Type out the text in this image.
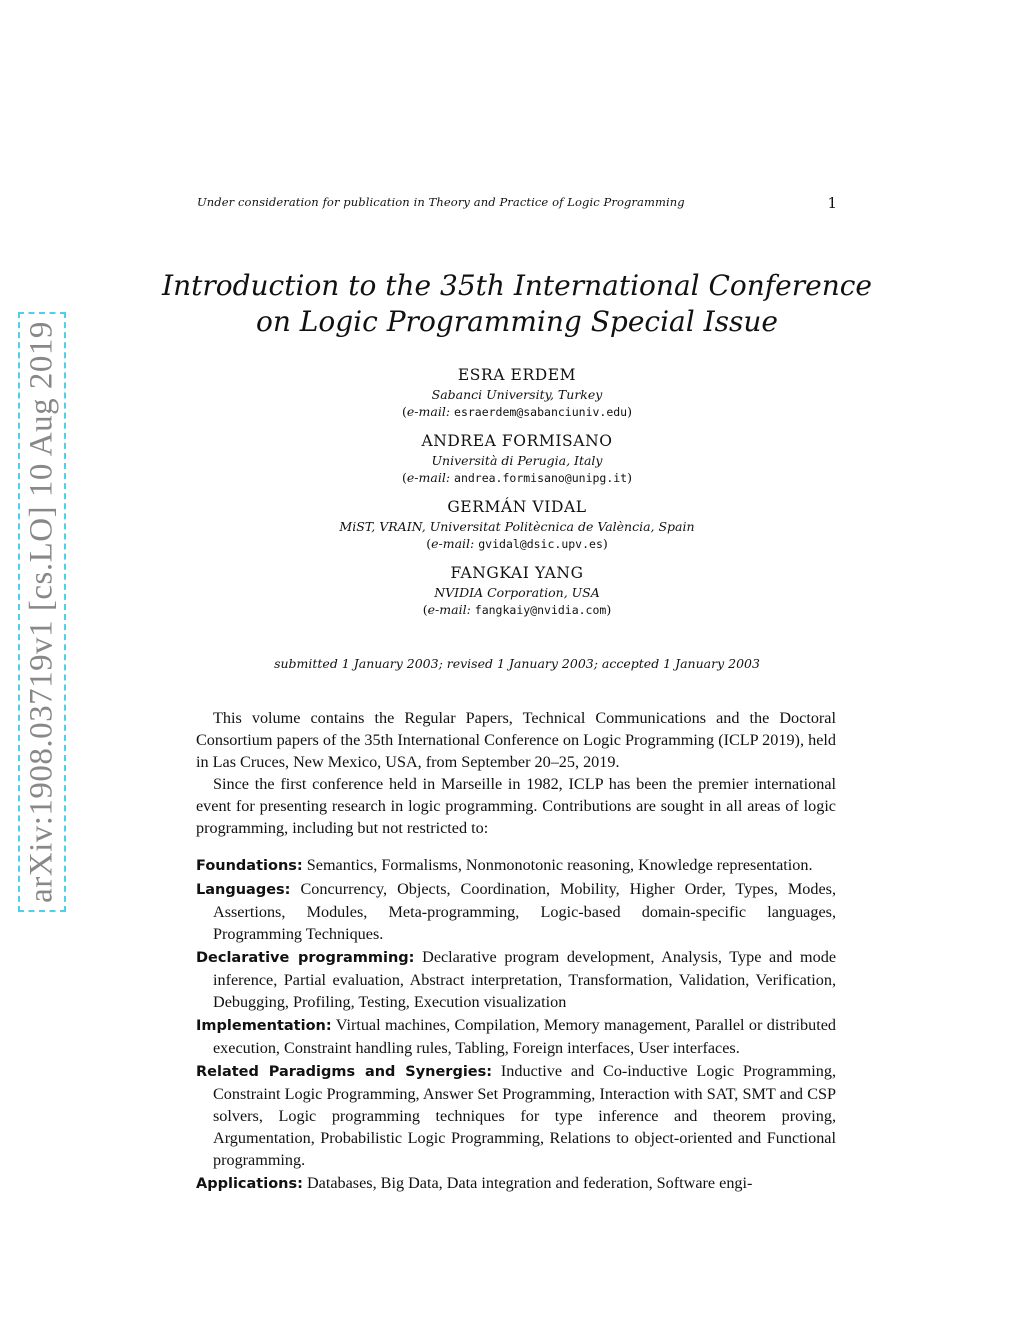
Under consideration for publication in Theory and Practice of Logic Programming	1
arXiv:1908.03719v1 [cs.LO] 10 Aug 2019
Introduction to the 35th International Conference
on Logic Programming Special Issue
ESRA ERDEM
Sabanci University, Turkey
(e-mail: esraerdem@sabanciuniv.edu)
ANDREA FORMISANO
Università di Perugia, Italy
(e-mail: andrea.formisano@unipg.it)
GERMÁN VIDAL
MiST, VRAIN, Universitat Politècnica de València, Spain
(e-mail: gvidal@dsic.upv.es)
FANGKAI YANG
NVIDIA Corporation, USA
(e-mail: fangkaiy@nvidia.com)
submitted 1 January 2003; revised 1 January 2003; accepted 1 January 2003

This volume contains the Regular Papers, Technical Communications and the Doctoral Consortium papers of the 35th International Conference on Logic Programming (ICLP 2019), held in Las Cruces, New Mexico, USA, from September 20–25, 2019.

Since the first conference held in Marseille in 1982, ICLP has been the premier international event for presenting research in logic programming. Contributions are sought in all areas of logic programming, including but not restricted to:

Foundations: Semantics, Formalisms, Nonmonotonic reasoning, Knowledge representation.
Languages: Concurrency, Objects, Coordination, Mobility, Higher Order, Types, Modes, Assertions, Modules, Meta-programming, Logic-based domain-specific languages, Programming Techniques.
Declarative programming: Declarative program development, Analysis, Type and mode inference, Partial evaluation, Abstract interpretation, Transformation, Validation, Verification, Debugging, Profiling, Testing, Execution visualization
Implementation: Virtual machines, Compilation, Memory management, Parallel or distributed execution, Constraint handling rules, Tabling, Foreign interfaces, User interfaces.
Related Paradigms and Synergies: Inductive and Co-inductive Logic Programming, Constraint Logic Programming, Answer Set Programming, Interaction with SAT, SMT and CSP solvers, Logic programming techniques for type inference and theorem proving, Argumentation, Probabilistic Logic Programming, Relations to object-oriented and Functional programming.
Applications: Databases, Big Data, Data integration and federation, Software engi-
